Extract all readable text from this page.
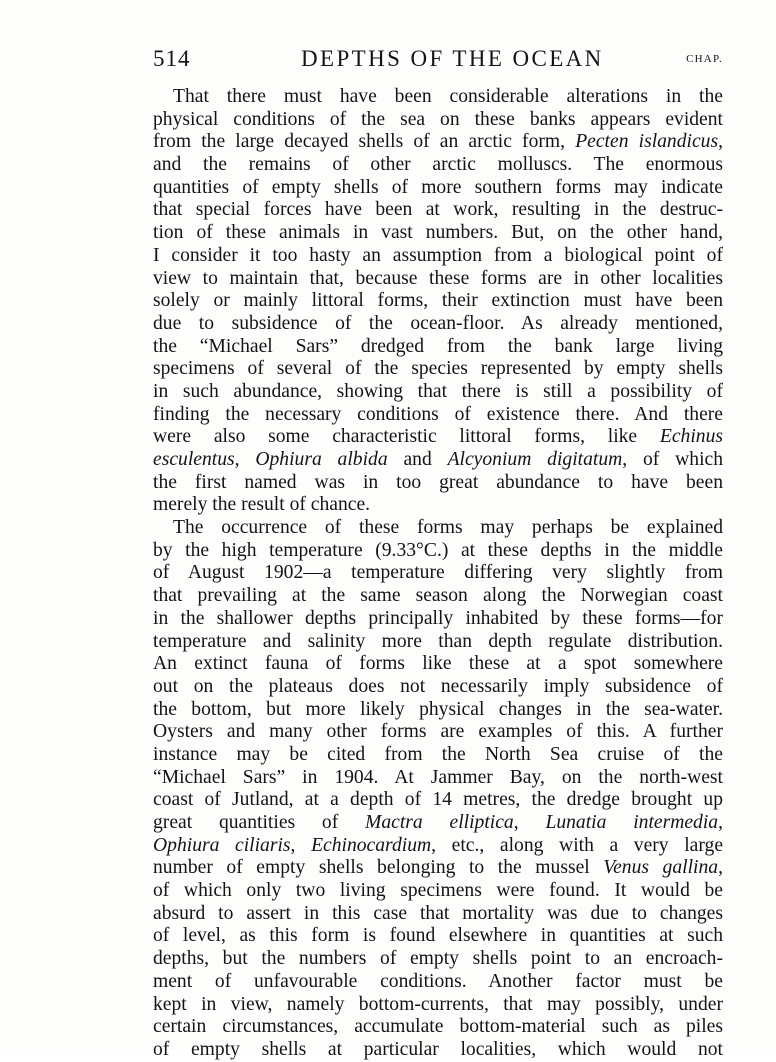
514	DEPTHS OF THE OCEAN	CHAP.
That there must have been considerable alterations in the
physical conditions of the sea on these banks appears evident
from the large decayed shells of an arctic form, Pecten islandicus,
and the remains of other arctic molluscs. The enormous
quantities of empty shells of more southern forms may indicate
that special forces have been at work, resulting in the destruc-
tion of these animals in vast numbers. But, on the other hand,
I consider it too hasty an assumption from a biological point of
view to maintain that, because these forms are in other localities
solely or mainly littoral forms, their extinction must have been
due to subsidence of the ocean-floor. As already mentioned,
the “Michael Sars” dredged from the bank large living
specimens of several of the species represented by empty shells
in such abundance, showing that there is still a possibility of
finding the necessary conditions of existence there. And there
were also some characteristic littoral forms, like Echinus
esculentus, Ophiura albida and Alcyonium digitatum, of which
the first named was in too great abundance to have been
merely the result of chance.
The occurrence of these forms may perhaps be explained
by the high temperature (9.33°C.) at these depths in the middle
of August 1902—a temperature differing very slightly from
that prevailing at the same season along the Norwegian coast
in the shallower depths principally inhabited by these forms—for
temperature and salinity more than depth regulate distribution.
An extinct fauna of forms like these at a spot somewhere
out on the plateaus does not necessarily imply subsidence of
the bottom, but more likely physical changes in the sea-water.
Oysters and many other forms are examples of this. A further
instance may be cited from the North Sea cruise of the
“Michael Sars” in 1904. At Jammer Bay, on the north-west
coast of Jutland, at a depth of 14 metres, the dredge brought up
great quantities of Mactra elliptica, Lunatia intermedia,
Ophiura ciliaris, Echinocardium, etc., along with a very large
number of empty shells belonging to the mussel Venus gallina,
of which only two living specimens were found. It would be
absurd to assert in this case that mortality was due to changes
of level, as this form is found elsewhere in quantities at such
depths, but the numbers of empty shells point to an encroach-
ment of unfavourable conditions. Another factor must be
kept in view, namely bottom-currents, that may possibly, under
certain circumstances, accumulate bottom-material such as piles
of empty shells at particular localities, which would not
